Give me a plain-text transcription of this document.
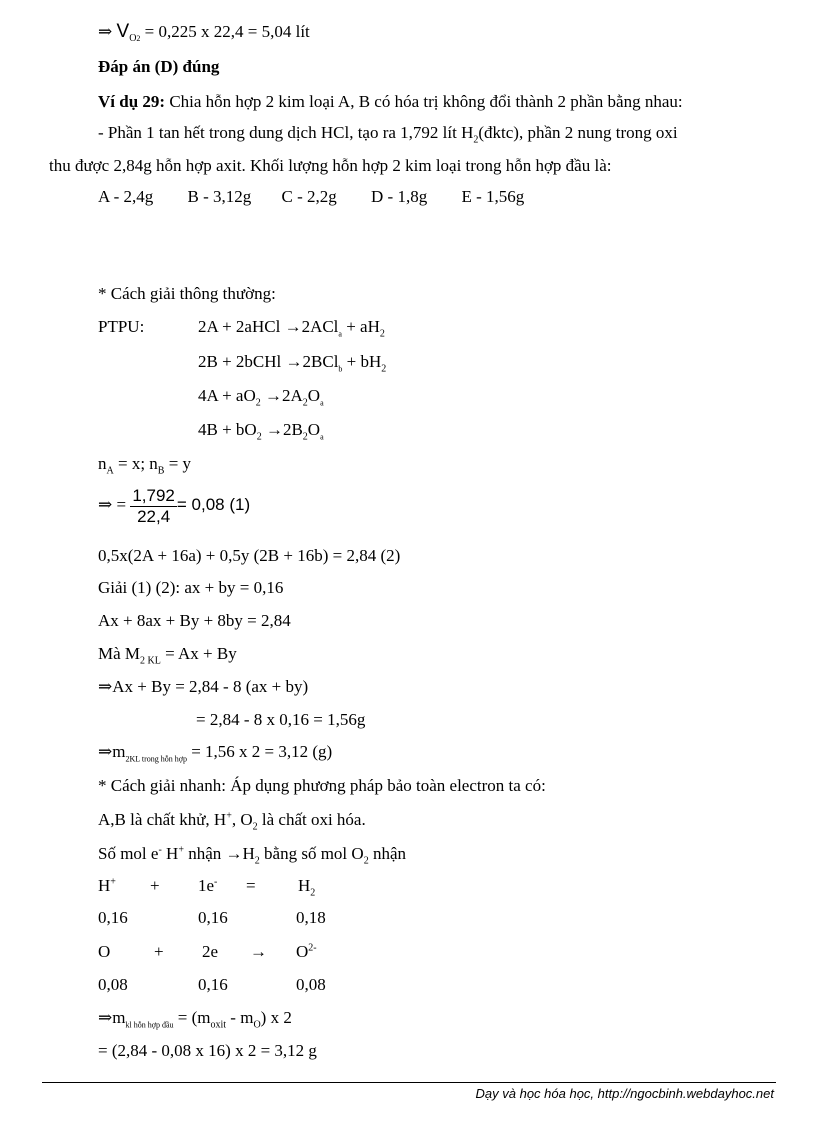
⇒ $V_{O2} = 0,225$ x 22,4 = 5,04 lít
Đáp án (D) đúng
Ví dụ 29: Chia hỗn hợp 2 kim loại A, B có hóa trị không đổi thành 2 phần bằng nhau:
- Phần 1 tan hết trong dung dịch HCl, tạo ra 1,792 lít $H_2(đktc)$, phần 2 nung trong oxi
thu được 2,84g hỗn hợp axit. Khối lượng hỗn hợp 2 kim loại trong hỗn hợp đầu là:
A - 2,4g B - 3,12g C - 2,2g D - 1,8g E - 1,56g
* Cách giải thông thường:
PTPU:	2A + 2aHCl $\to 2ACl_a + aH_2$
2B + 2bCHl $\to 2BCl_b + bH_2$
$4A + aO_2 \to 2A_2O_a$
$4B + bO_2 \to 2B_2O_a$
$n_A = x$; $n_B = y$
⇒ = $\frac{1,792}{22,4} = 0,08$ (1)
0,5x(2A + 16a) + 0,5y (2B + 16b) = 2,84 (2)
Giải (1) (2): ax + by = 0,16
Ax + 8ax + By + 8by = 2,84
Mà $M_{2 KL} = Ax + By$
⇒Ax + By = 2,84 - 8 (ax + by)
= 2,84 - 8 x 0,16 = 1,56g
$\Rightarrow m_{2KL trong hỗn hợp} = 1,56$ x 2 = 3,12 (g)
* Cách giải nhanh: Áp dụng phương pháp bảo toàn electron ta có:
A,B là chất khử, H+, $O_2$ là chất oxi hóa.
Số mol e- H+ nhận $\to H_2$ bằng số mol $O_2$ nhận
$H^+ + 1e^- = H_2$
0,16	0,16	0,18
O	+ $2e \to O^{2-}$
0,08	0,16	0,08
$\Rightarrow m_{kl hỗn hợp đầu} = (m_{oxit} - m_O)$ x 2
= (2,84 - 0,08 x 16) x 2 = 3,12 g
Dạy và học hóa học, http://ngocbinh.webdayhoc.net
